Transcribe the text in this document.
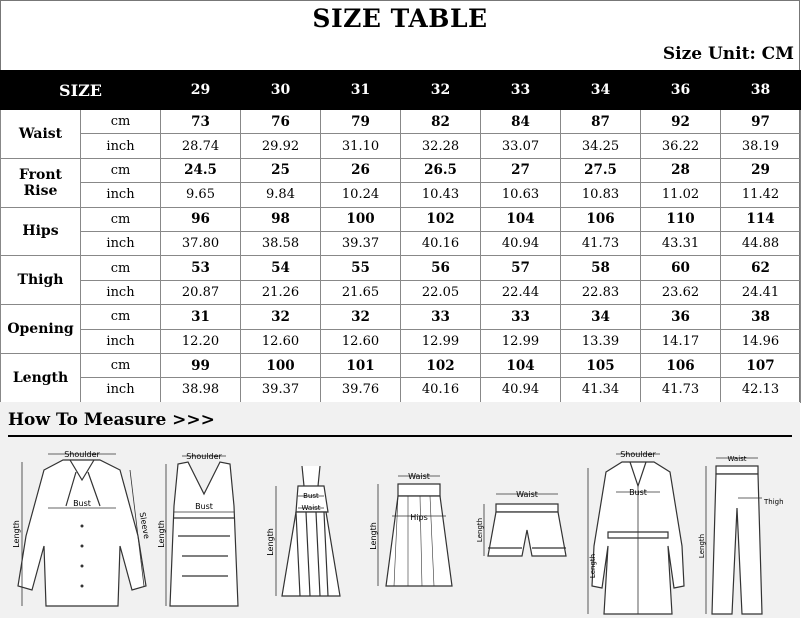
SIZE TABLE
Size Unit: CM
SIZE		29	30	31	32	33	34	36	38
Waist	cm	73	76	79	82	84	87	92	97
	inch	28.74	29.92	31.10	32.28	33.07	34.25	36.22	38.19
Front Rise	cm	24.5	25	26	26.5	27	27.5	28	29
	inch	9.65	9.84	10.24	10.43	10.63	10.83	11.02	11.42
Hips	cm	96	98	100	102	104	106	110	114
	inch	37.80	38.58	39.37	40.16	40.94	41.73	43.31	44.88
Thigh	cm	53	54	55	56	57	58	60	62
	inch	20.87	21.26	21.65	22.05	22.44	22.83	23.62	24.41
Opening	cm	31	32	32	33	33	34	36	38
	inch	12.20	12.60	12.60	12.99	12.99	13.39	14.17	14.96
Length	cm	99	100	101	102	104	105	106	107
	inch	38.98	39.37	39.76	40.16	40.94	41.34	41.73	42.13
How To Measure >>>
Shoulder
Bust
Length	Sleeve
Shoulder
Bust
Length
Bust
Waist
Length
Waist
Hips
Length
Waist
Length
Shoulder
Bust
Length
Waist
Thigh
Length
